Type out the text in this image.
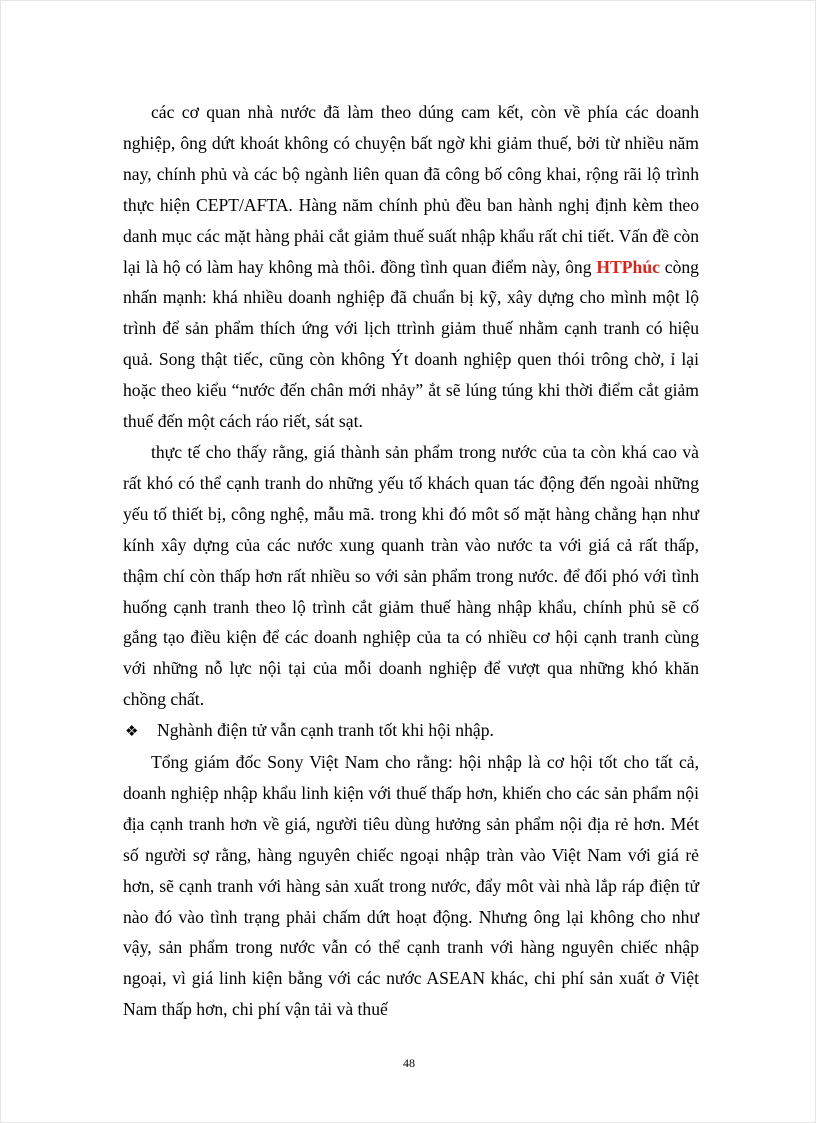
các cơ quan nhà nước đã làm theo dúng cam kết, còn về phía các doanh nghiệp, ông dứt khoát không có chuyện bất ngờ khi giảm thuế, bởi từ nhiều năm nay, chính phủ và các bộ ngành liên quan đã công bố công khai, rộng rãi lộ trình thực hiện CEPT/AFTA. Hàng năm chính phủ đều ban hành nghị định kèm theo danh mục các mặt hàng phải cắt giảm thuế suất nhập khẩu rất chi tiết. Vấn đề còn lại là hộ có làm hay không mà thôi. đồng tình quan điểm này, ông HTPhúc còng nhấn mạnh: khá nhiều doanh nghiệp đã chuẩn bị kỹ, xây dựng cho mình một lộ trình để sản phẩm thích ứng với lịch ttrình giảm thuế nhằm cạnh tranh có hiệu quả. Song thật tiếc, cũng còn không Ýt doanh nghiệp quen thói trông chờ, ỉ lại hoặc theo kiểu “nước đến chân mới nhảy” ắt sẽ lúng túng khi thời điểm cắt giảm thuế đến một cách ráo riết, sát sạt.

thực tế cho thấy rằng, giá thành sản phẩm trong nước của ta còn khá cao và rất khó có thể cạnh tranh do những yếu tố khách quan tác động đến ngoài những yếu tố thiết bị, công nghệ, mẫu mã. trong khi đó môt số mặt hàng chẳng hạn như kính xây dựng của các nước xung quanh tràn vào nước ta với giá cả rất thấp, thậm chí còn thấp hơn rất nhiều so với sản phẩm trong nước. để đối phó với tình huống cạnh tranh theo lộ trình cắt giảm thuế hàng nhập khẩu, chính phủ sẽ cố gắng tạo điều kiện để các doanh nghiệp của ta có nhiều cơ hội cạnh tranh cùng với những nỗ lực nội tại của mỗi doanh nghiệp để vượt qua những khó khăn chồng chất.

❖	Nghành điện tử vẫn cạnh tranh tốt khi hội nhập.

Tổng giám đốc Sony Việt Nam cho rằng: hội nhập là cơ hội tốt cho tất cả, doanh nghiệp nhập khẩu linh kiện với thuế thấp hơn, khiến cho các sản phẩm nội địa cạnh tranh hơn về giá, người tiêu dùng hưởng sản phẩm nội địa rẻ hơn. Mét số người sợ rằng, hàng nguyên chiếc ngoại nhập tràn vào Việt Nam với giá rẻ hơn, sẽ cạnh tranh với hàng sản xuất trong nước, đẩy môt vài nhà lắp ráp điện tử nào đó vào tình trạng phải chấm dứt hoạt động. Nhưng ông lại không cho như vậy, sản phẩm trong nước vẫn có thể cạnh tranh với hàng nguyên chiếc nhập ngoại, vì giá linh kiện bằng với các nước ASEAN khác, chi phí sản xuất ở Việt Nam thấp hơn, chi phí vận tải và thuế

48
